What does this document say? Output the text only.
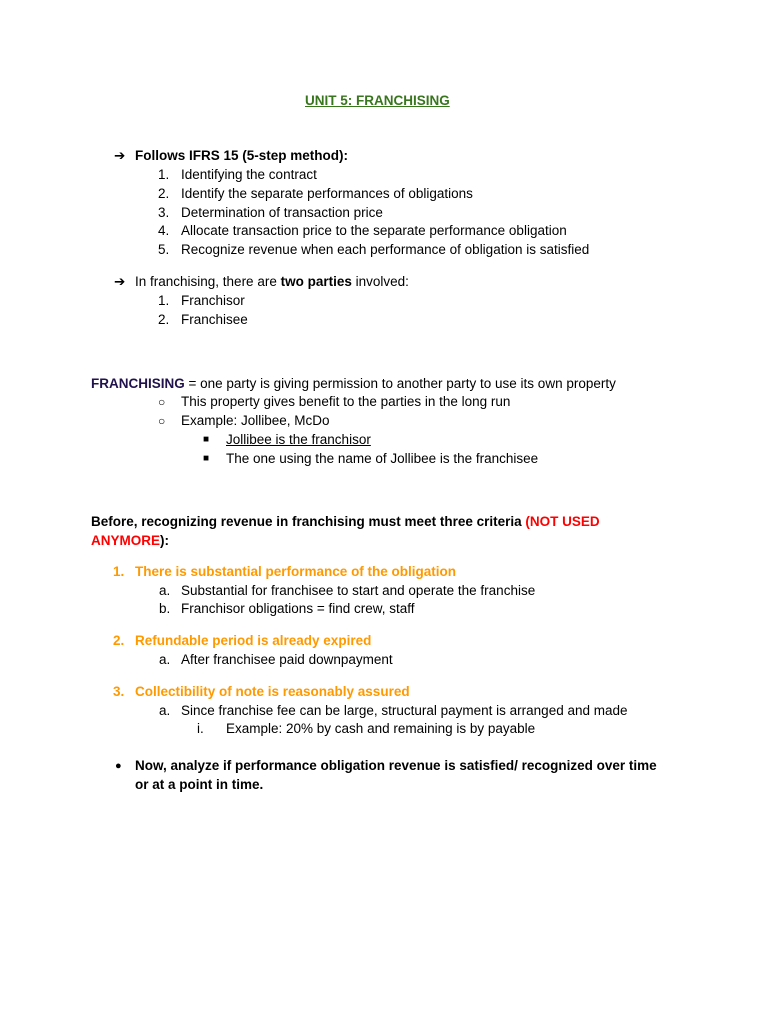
UNIT 5: FRANCHISING
➔ Follows IFRS 15 (5-step method):
1. Identifying the contract
2. Identify the separate performances of obligations
3. Determination of transaction price
4. Allocate transaction price to the separate performance obligation
5. Recognize revenue when each performance of obligation is satisfied
➔ In franchising, there are two parties involved:
1. Franchisor
2. Franchisee
FRANCHISING = one party is giving permission to another party to use its own property
○ This property gives benefit to the parties in the long run
○ Example: Jollibee, McDo
■ Jollibee is the franchisor
■ The one using the name of Jollibee is the franchisee
Before, recognizing revenue in franchising must meet three criteria (NOT USED
ANYMORE):
1. There is substantial performance of the obligation
a. Substantial for franchisee to start and operate the franchise
b. Franchisor obligations = find crew, staff
2. Refundable period is already expired
a. After franchisee paid downpayment
3. Collectibility of note is reasonably assured
a. Since franchise fee can be large, structural payment is arranged and made
i. Example: 20% by cash and remaining is by payable
● Now, analyze if performance obligation revenue is satisfied/ recognized over time
or at a point in time.
